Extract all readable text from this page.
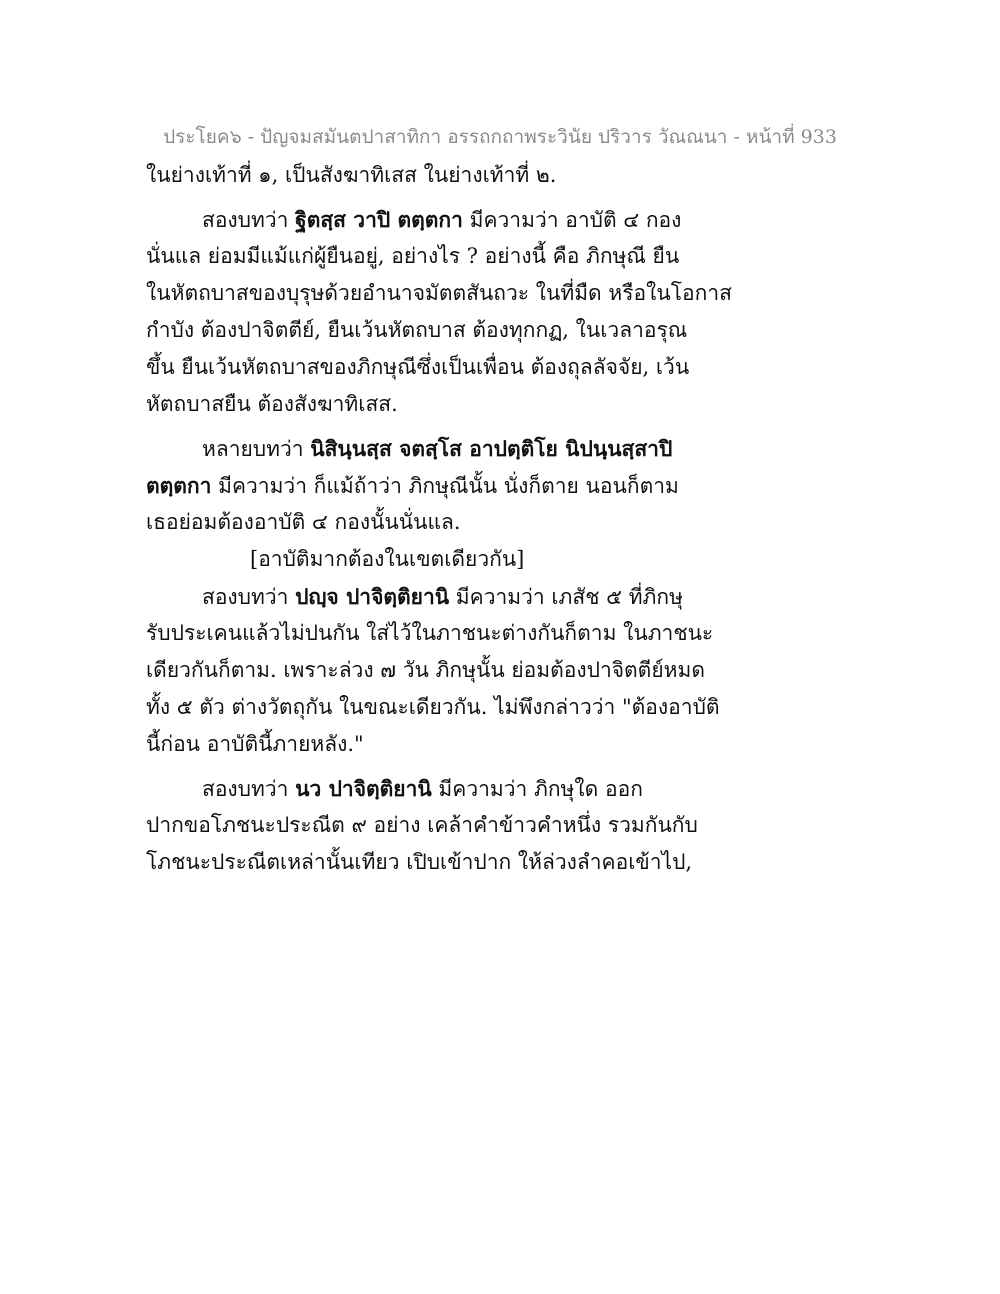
ประโยค๖ - ปัญจมสมันตปาสาทิกา อรรถกถาพระวินัย ปริวาร วัณณนา - หน้าที่ 933
ในย่างเท้าที่ ๑, เป็นสังฆาทิเสส ในย่างเท้าที่ ๒.
สองบทว่า ฐิตสฺส วาปิ ตตฺตกา มีความว่า อาบัติ ๔ กอง
นั่นแล ย่อมมีแม้แก่ผู้ยืนอยู่, อย่างไร ? อย่างนี้ คือ ภิกษุณี ยืน
ในหัตถบาสของบุรุษด้วยอำนาจมัตตสันถวะ ในที่มืด หรือในโอกาส
กำบัง ต้องปาจิตตีย์, ยืนเว้นหัตถบาส ต้องทุกกฏ, ในเวลาอรุณ
ขึ้น ยืนเว้นหัตถบาสของภิกษุณีซึ่งเป็นเพื่อน ต้องถุลลัจจัย, เว้น
หัตถบาสยืน ต้องสังฆาทิเสส.
หลายบทว่า นิสินฺนสฺส จตสฺโส อาปตฺติโย นิปนฺนสฺสาปิ
ตตฺตกา มีความว่า ก็แม้ถ้าว่า ภิกษุณีนั้น นั่งก็ตาย นอนก็ตาม
เธอย่อมต้องอาบัติ ๔ กองนั้นนั่นแล.
[อาบัติมากต้องในเขตเดียวกัน]
สองบทว่า ปญฺจ ปาจิตฺติยานิ มีความว่า เภสัช ๕ ที่ภิกษุ
รับประเคนแล้วไม่ปนกัน ใส่ไว้ในภาชนะต่างกันก็ตาม ในภาชนะ
เดียวกันก็ตาม. เพราะล่วง ๗ วัน ภิกษุนั้น ย่อมต้องปาจิตตีย์หมด
ทั้ง ๕ ตัว ต่างวัตถุกัน ในขณะเดียวกัน. ไม่พึงกล่าวว่า "ต้องอาบัติ
นี้ก่อน อาบัตินี้ภายหลัง."
สองบทว่า นว ปาจิตฺติยานิ มีความว่า ภิกษุใด ออก
ปากขอโภชนะประณีต ๙ อย่าง เคล้าคำข้าวคำหนึ่ง รวมกันกับ
โภชนะประณีตเหล่านั้นเทียว เปิบเข้าปาก ให้ล่วงลำคอเข้าไป,
